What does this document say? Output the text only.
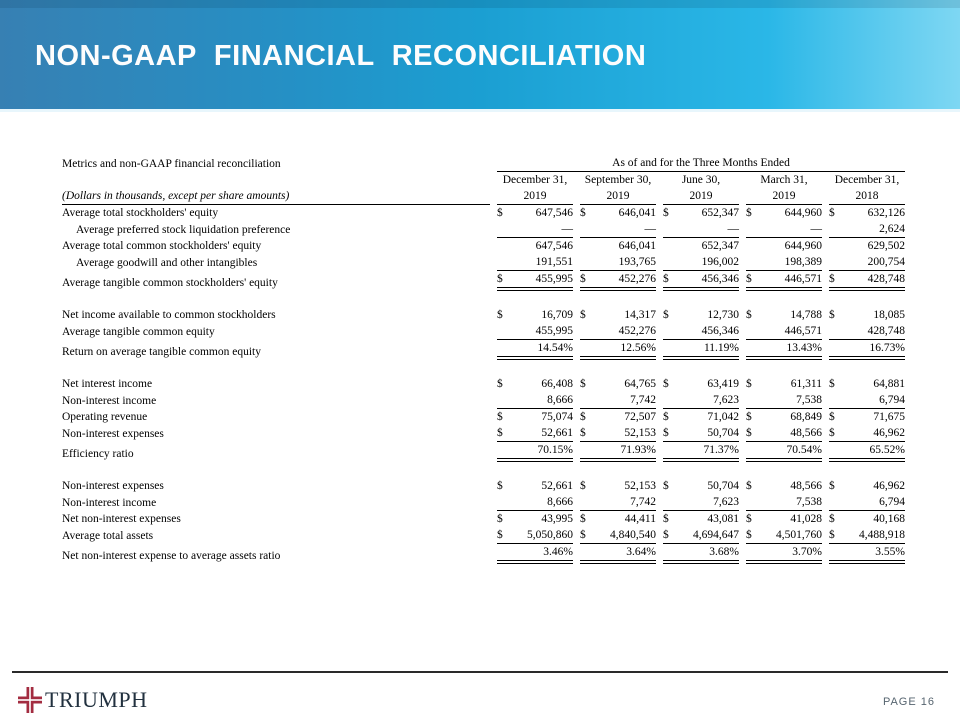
NON-GAAP FINANCIAL RECONCILIATION
Metrics and non-GAAP financial reconciliation	As of and for the Three Months Ended
December 31,	September 30,	June 30,	March 31,	December 31,
(Dollars in thousands, except per share amounts)	2019	2019	2019	2019	2018
Average total stockholders' equity	$	647,546 $	646,041 $	652,347 $	644,960 $	632,126
Average preferred stock liquidation preference	—	—	—	—	2,624
Average total common stockholders' equity	647,546	646,041	652,347	644,960	629,502
Average goodwill and other intangibles	191,551	193,765	196,002	198,389	200,754
Average tangible common stockholders' equity	$	455,995 $	452,276 $	456,346 $	446,571 $	428,748
Net income available to common stockholders	$	16,709 $	14,317 $	12,730 $	14,788 $	18,085
Average tangible common equity	455,995	452,276	456,346	446,571	428,748
Return on average tangible common equity	14.54%	12.56%	11.19%	13.43%	16.73%
Net interest income	$	66,408 $	64,765 $	63,419 $	61,311 $	64,881
Non-interest income	8,666	7,742	7,623	7,538	6,794
Operating revenue	$	75,074 $	72,507 $	71,042 $	68,849 $	71,675
Non-interest expenses	$	52,661 $	52,153 $	50,704 $	48,566 $	46,962
Efficiency ratio	70.15%	71.93%	71.37%	70.54%	65.52%
Non-interest expenses	$	52,661 $	52,153 $	50,704 $	48,566 $	46,962
Non-interest income	8,666	7,742	7,623	7,538	6,794
Net non-interest expenses	$	43,995 $	44,411 $	43,081 $	41,028 $	40,168
Average total assets	$ 5,050,860 $ 4,840,540 $ 4,694,647 $ 4,501,760 $ 4,488,918
Net non-interest expense to average assets ratio	3.46%	3.64%	3.68%	3.70%	3.55%
TRIUMPH	PAGE 16
